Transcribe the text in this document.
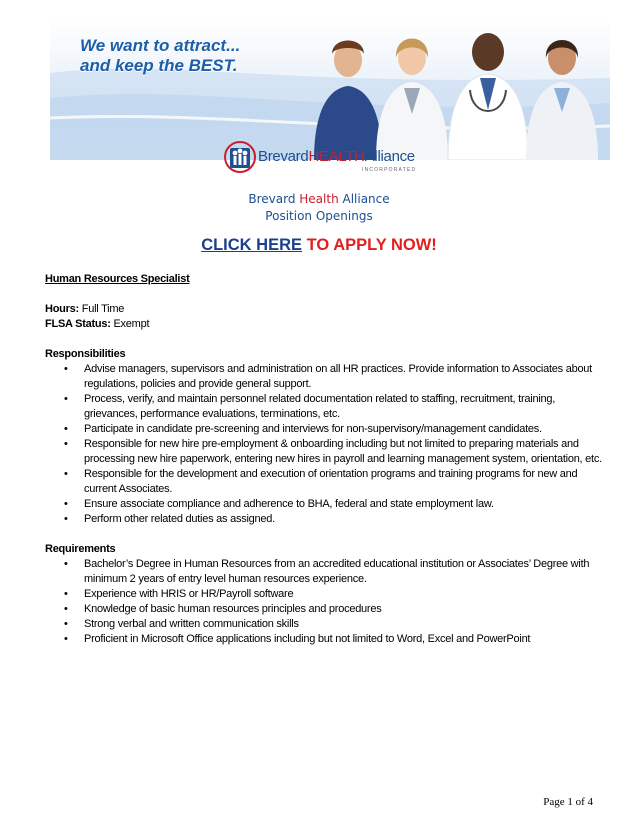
We want to attract...
and keep the BEST.
BrevardHEALTHAlliance
INCORPORATED
Brevard Health Alliance
Position Openings
CLICK HERE TO APPLY NOW!
Human Resources Specialist
Hours: Full Time
FLSA Status: Exempt
Responsibilities
• Advise managers, supervisors and administration on all HR practices. Provide information to Associates about regulations, policies and provide general support.
• Process, verify, and maintain personnel related documentation related to staffing, recruitment, training, grievances, performance evaluations, terminations, etc.
• Participate in candidate pre-screening and interviews for non-supervisory/management candidates.
• Responsible for new hire pre-employment & onboarding including but not limited to preparing materials and processing new hire paperwork, entering new hires in payroll and learning management system, orientation, etc.
• Responsible for the development and execution of orientation programs and training programs for new and current Associates.
• Ensure associate compliance and adherence to BHA, federal and state employment law.
• Perform other related duties as assigned.
Requirements
• Bachelor’s Degree in Human Resources from an accredited educational institution or Associates’ Degree with minimum 2 years of entry level human resources experience.
• Experience with HRIS or HR/Payroll software
• Knowledge of basic human resources principles and procedures
• Strong verbal and written communication skills
• Proficient in Microsoft Office applications including but not limited to Word, Excel and PowerPoint
Page 1 of 4
